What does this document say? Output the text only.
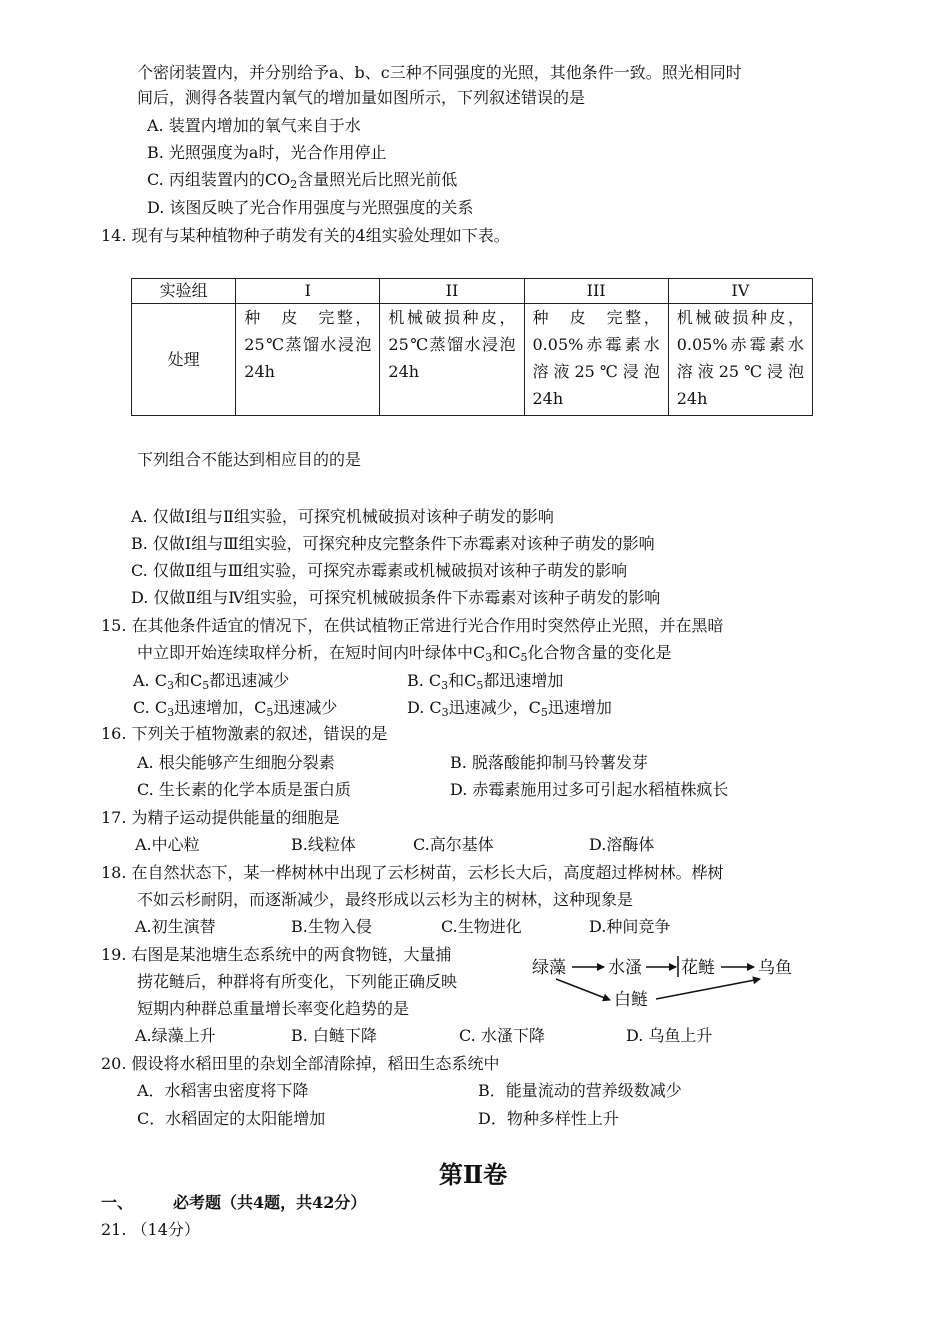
个密闭装置内，并分别给予a、b、c三种不同强度的光照，其他条件一致。照光相同时
间后，测得各装置内氧气的增加量如图所示，下列叙述错误的是
A. 装置内增加的氧气来自于水
B. 光照强度为a时，光合作用停止
C. 丙组装置内的$CO_2$含量照光后比照光前低
D. 该图反映了光合作用强度与光照强度的关系
14. 现有与某种植物种子萌发有关的4组实验处理如下表。
实验组	I	II	III	IV
处理	种　皮　完整，25℃蒸馏水浸泡24h	机械破损种皮，25℃蒸馏水浸泡24h	种　皮　完整，0.05%赤霉素水溶液25℃浸泡24h	机械破损种皮，0.05%赤霉素水溶液25℃浸泡24h
下列组合不能达到相应目的的是
A. 仅做Ⅰ组与Ⅱ组实验，可探究机械破损对该种子萌发的影响
B. 仅做Ⅰ组与Ⅲ组实验，可探究种皮完整条件下赤霉素对该种子萌发的影响
C. 仅做Ⅱ组与Ⅲ组实验，可探究赤霉素或机械破损对该种子萌发的影响
D. 仅做Ⅱ组与Ⅳ组实验，可探究机械破损条件下赤霉素对该种子萌发的影响
15. 在其他条件适宜的情况下，在供试植物正常进行光合作用时突然停止光照，并在黑暗
中立即开始连续取样分析，在短时间内叶绿体中$C_3$和$C_5$化合物含量的变化是
A. $C_3$和$C_5$都迅速减少	B. $C_3$和$C_5$都迅速增加
C. $C_3$迅速增加，$C_5$迅速减少	D. $C_3$迅速减少，$C_5$迅速增加
16. 下列关于植物激素的叙述，错误的是
A. 根尖能够产生细胞分裂素	B. 脱落酸能抑制马铃薯发芽
C. 生长素的化学本质是蛋白质	D. 赤霉素施用过多可引起水稻植株疯长
17. 为精子运动提供能量的细胞是
A.中心粒	B.线粒体	C.高尔基体	D.溶酶体
18. 在自然状态下，某一桦树林中出现了云杉树苗，云杉长大后，高度超过桦树林。桦树
不如云杉耐阴，而逐渐减少，最终形成以云杉为主的树林，这种现象是
A.初生演替	B.生物入侵	C.生物进化	D.种间竞争
19. 右图是某池塘生态系统中的两食物链，大量捕
捞花鲢后，种群将有所变化，下列能正确反映
短期内种群总重量增长率变化趋势的是
A.绿藻上升	B. 白鲢下降	C. 水溞下降	D. 乌鱼上升
绿藻 水溞 花鲢	乌鱼
白鲢
20. 假设将水稻田里的杂划全部清除掉，稻田生态系统中
A．水稻害虫密度将下降	B．能量流动的营养级数减少
C．水稻固定的太阳能增加	D．物种多样性上升
第Ⅱ卷
一、 必考题（共4题，共42分）
21. （14分）
